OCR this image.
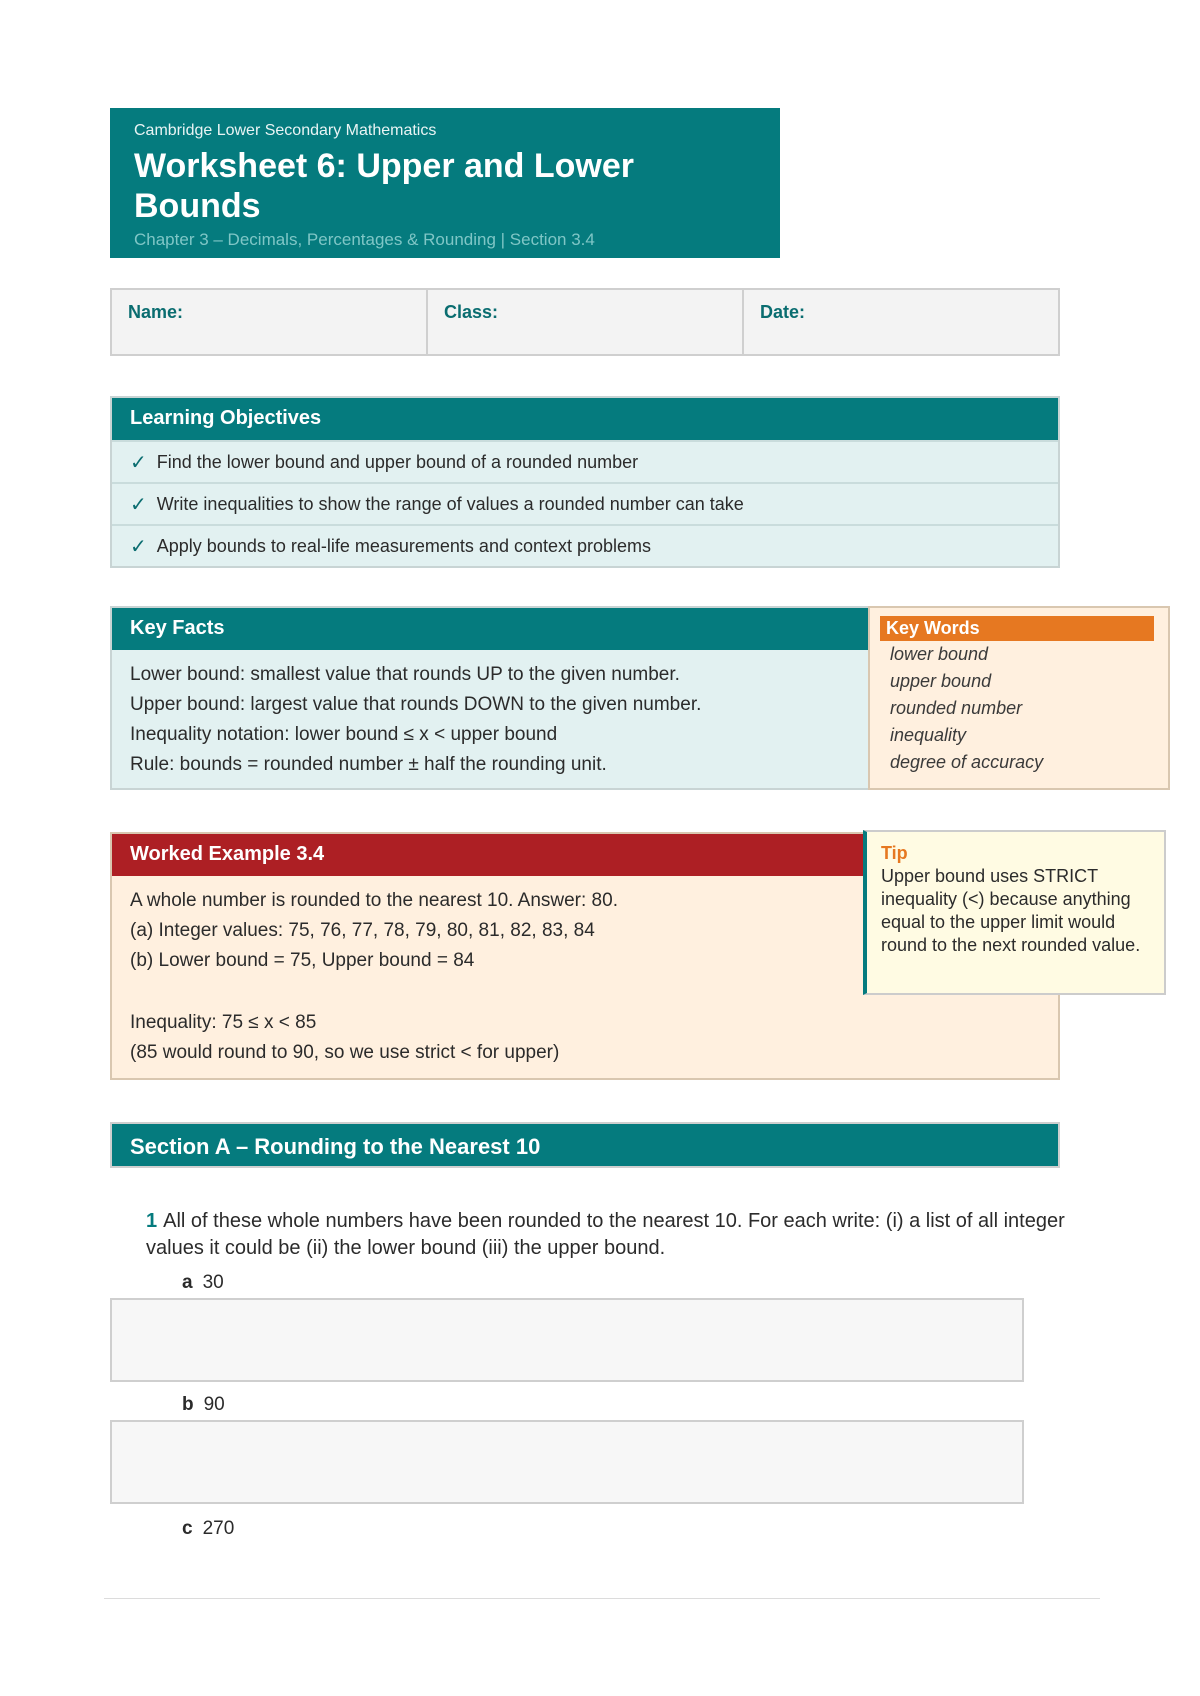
Cambridge Lower Secondary Mathematics
Worksheet 6: Upper and Lower Bounds
Chapter 3 – Decimals, Percentages & Rounding | Section 3.4
Name:	Class:	Date:
Learning Objectives
✓ Find the lower bound and upper bound of a rounded number
✓ Write inequalities to show the range of values a rounded number can take
✓ Apply bounds to real-life measurements and context problems
Key Facts
Lower bound: smallest value that rounds UP to the given number.
Upper bound: largest value that rounds DOWN to the given number.
Inequality notation: lower bound ≤ x < upper bound
Rule: bounds = rounded number ± half the rounding unit.
Key Words
lower bound
upper bound
rounded number
inequality
degree of accuracy
Worked Example 3.4
A whole number is rounded to the nearest 10. Answer: 80.
(a) Integer values: 75, 76, 77, 78, 79, 80, 81, 82, 83, 84
(b) Lower bound = 75, Upper bound = 84
Inequality: 75 ≤ x < 85
(85 would round to 90, so we use strict < for upper)
Tip
Upper bound uses STRICT inequality (<) because anything equal to the upper limit would round to the next rounded value.
Section A – Rounding to the Nearest 10
1 All of these whole numbers have been rounded to the nearest 10. For each write: (i) a list of all integer values it could be (ii) the lower bound (iii) the upper bound.
a 30
b 90
c 270
